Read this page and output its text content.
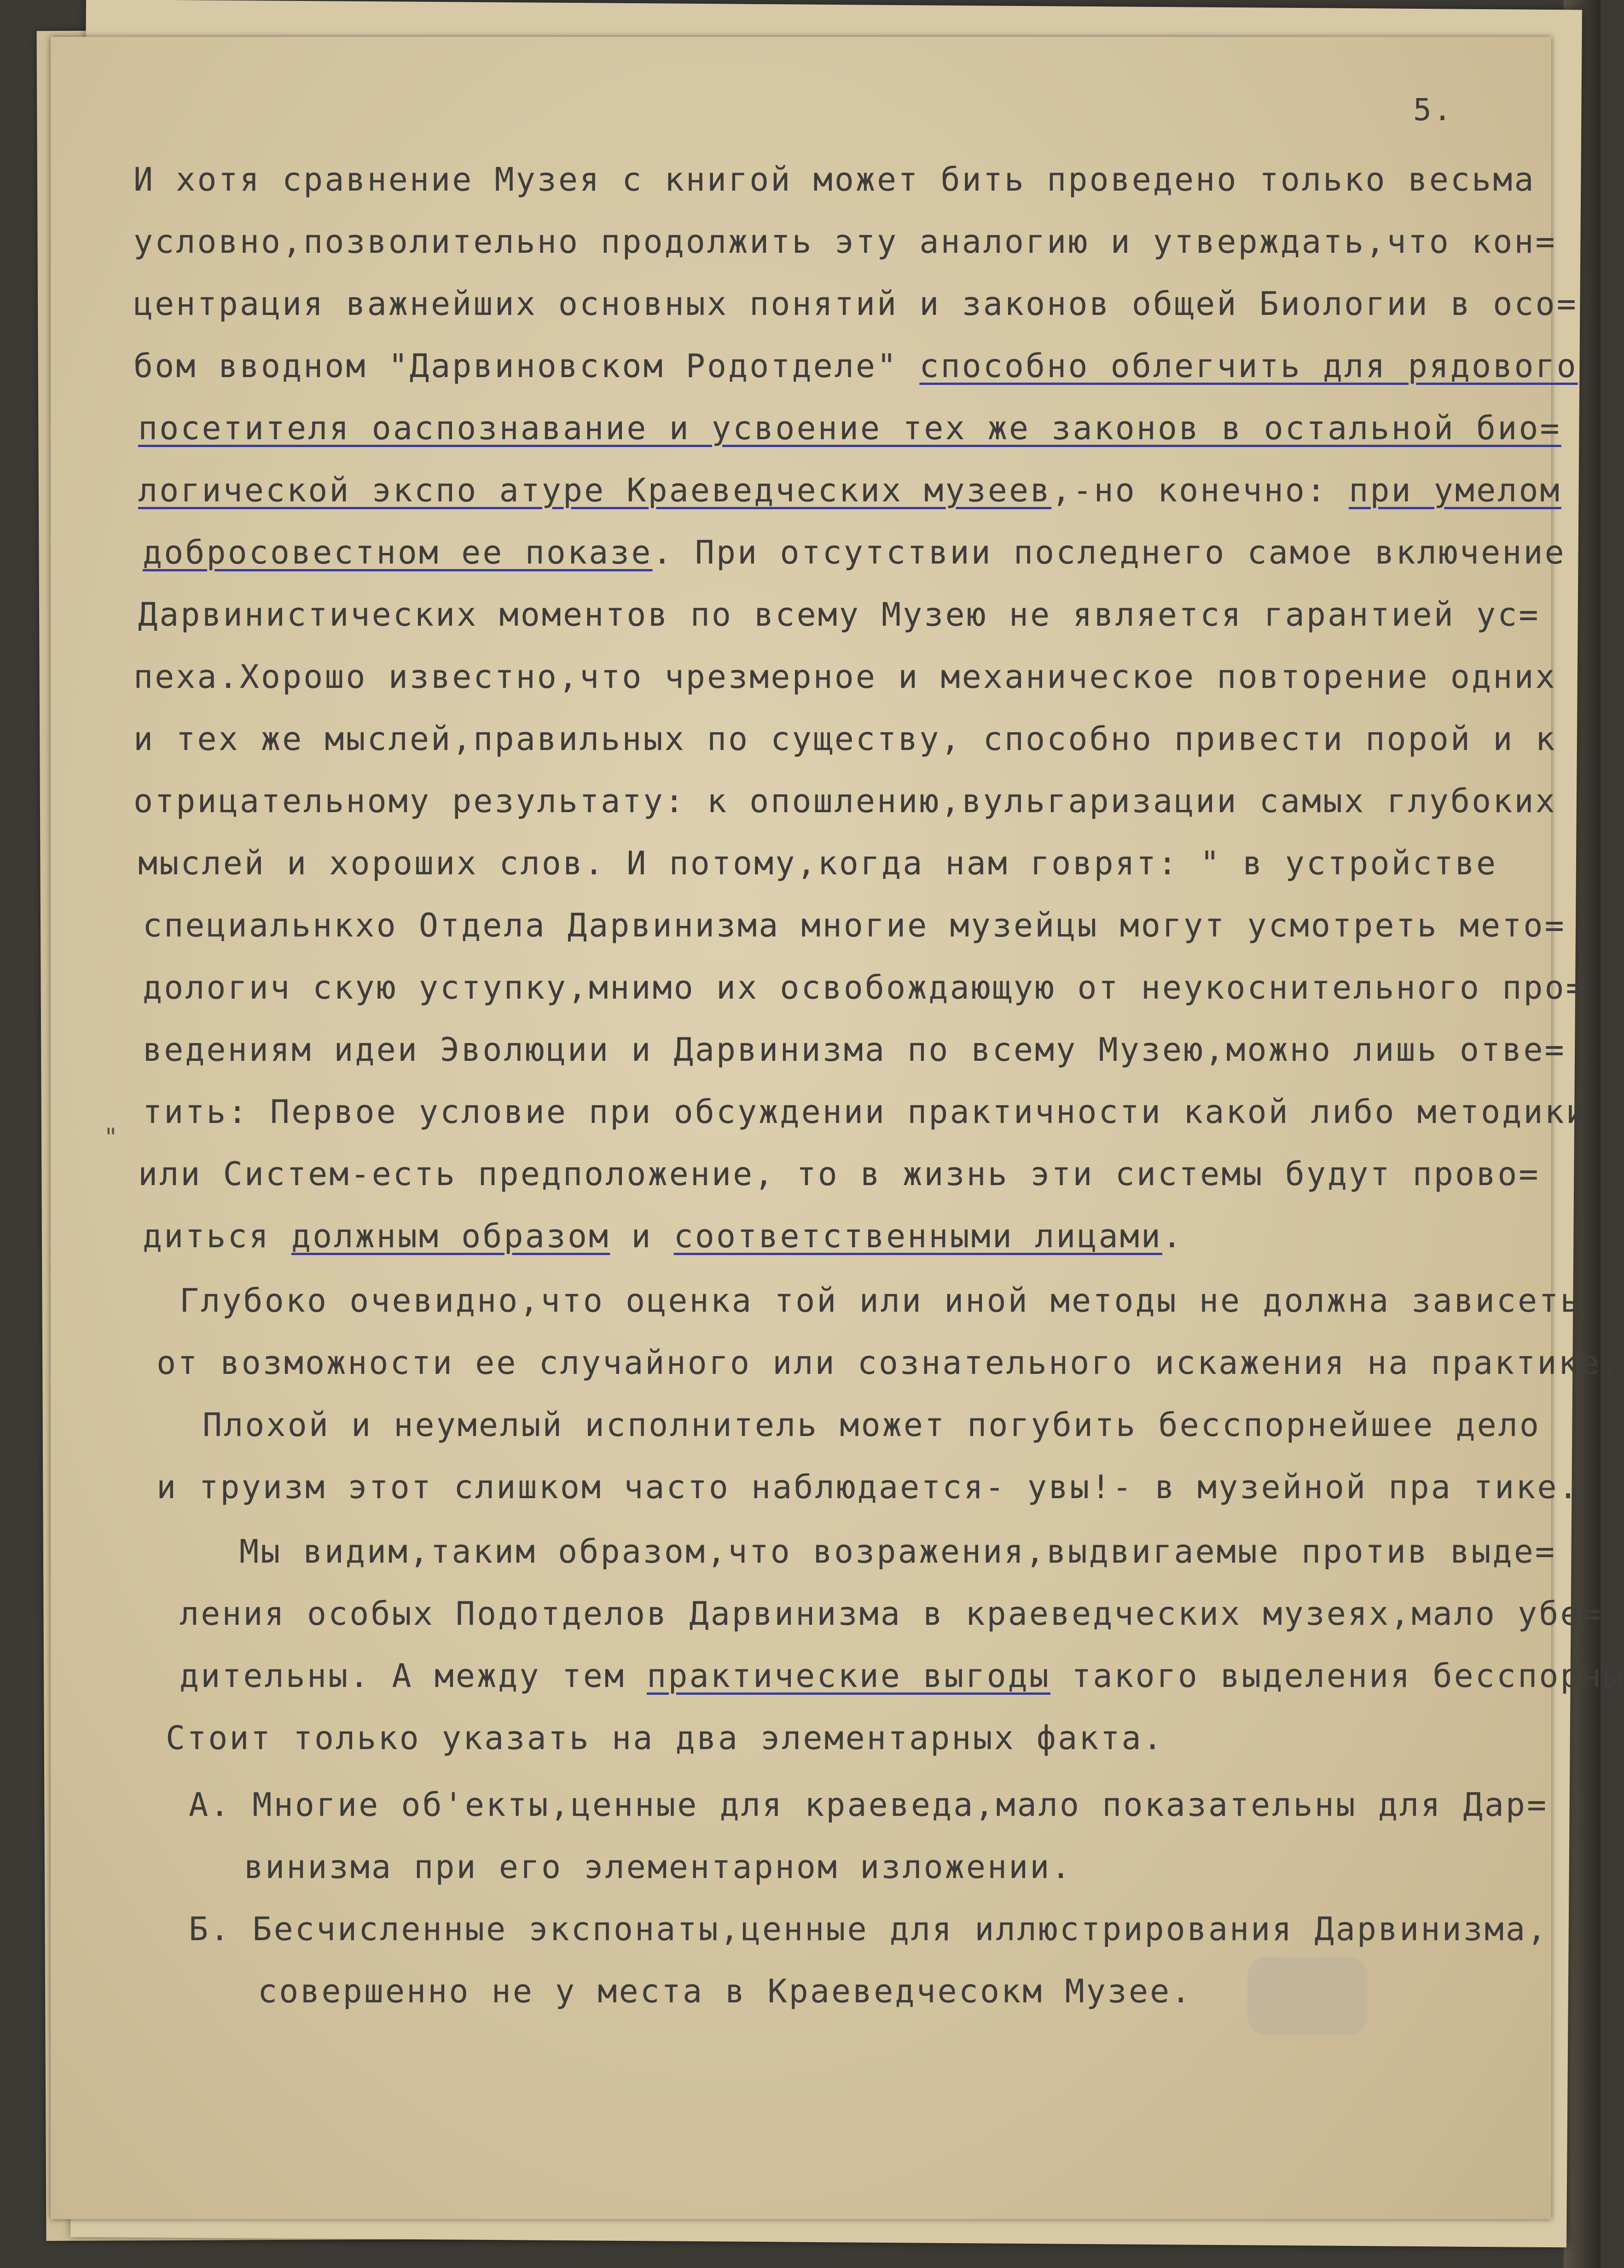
5.
"
И хотя сравнение Музея с книгой может бить проведено только весьма
условно,позволительно продолжить эту аналогию и утверждать,что кон=
центрация важнейших основных понятий и законов общей Биологии в осо=
бом вводном "Дарвиновском Родотделе" способно облегчить для рядового
посетителя оаспознавание и усвоение тех же законов в остальной био=
логической экспо атуре Краеведческих музеев,-но конечно: при умелом
добросовестном ее показе. При отсутствии последнего самое включение
Дарвинистических моментов по всему Музею не является гарантией ус=
пеха.Хорошо известно,что чрезмерное и механическое повторение одних
и тех же мыслей,правильных по существу, способно привести порой и к
отрицательному результату: к опошлению,вульгаризации самых глубоких
мыслей и хороших слов. И потому,когда нам говрят: " в устройстве
специальнкхо Отдела Дарвинизма многие музейцы могут усмотреть мето=
дологич скую уступку,мнимо их освобождающую от неукоснительного про=
ведениям идеи Эволюции и Дарвинизма по всему Музею,можно лишь отве=
тить: Первое условие при обсуждении практичности какой либо методики
или Систем-есть предположение, то в жизнь эти системы будут прово=
диться должным образом и соответственными лицами.
Глубоко очевидно,что оценка той или иной методы не должна зависеть
от возможности ее случайного или сознательного искажения на практике.
Плохой и неумелый исполнитель может погубить бесспорнейшее дело
и труизм этот слишком часто наблюдается- увы!- в музейной пра тике.
Мы видим,таким образом,что возражения,выдвигаемые против выде=
ления особых Подотделов Дарвинизма в краеведческих музеях,мало убе=
дительны. А между тем практические выгоды такого выделения бесспорны
Стоит только указать на два элементарных факта.
А. Многие об'екты,ценные для краеведа,мало показательны для Дар=
винизма при его элементарном изложении.
Б. Бесчисленные экспонаты,ценные для иллюстрирования Дарвинизма,
совершенно не у места в Краеведчесокм Музее.
